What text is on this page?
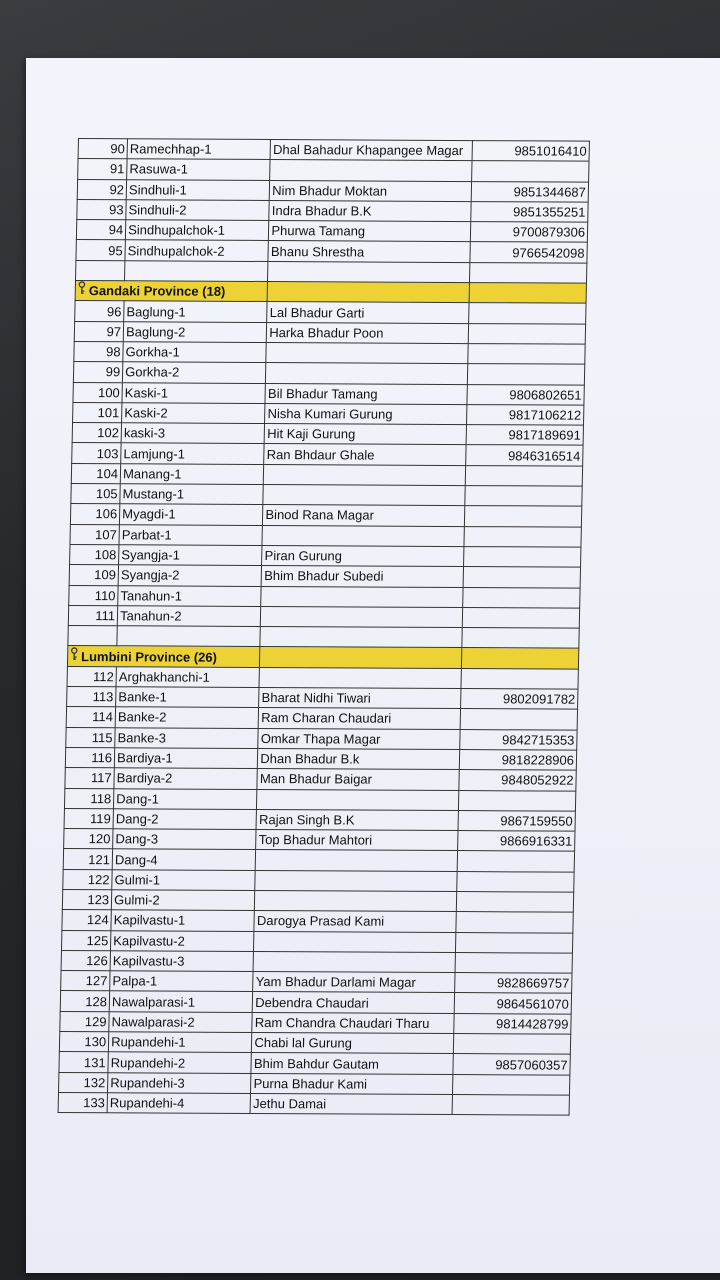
90	Ramechhap-1	Dhal Bahadur Khapangee Magar	9851016410
91	Rasuwa-1		
92	Sindhuli-1	Nim Bhadur Moktan	9851344687
93	Sindhuli-2	Indra Bhadur B.K	9851355251
94	Sindhupalchok-1	Phurwa Tamang	9700879306
95	Sindhupalchok-2	Bhanu Shrestha	9766542098

Gandaki Province (18)			
96	Baglung-1	Lal Bhadur Garti	
97	Baglung-2	Harka Bhadur Poon	
98	Gorkha-1		
99	Gorkha-2		
100	Kaski-1	Bil Bhadur Tamang	9806802651
101	Kaski-2	Nisha Kumari Gurung	9817106212
102	kaski-3	Hit Kaji Gurung	9817189691
103	Lamjung-1	Ran Bhdaur Ghale	9846316514
104	Manang-1		
105	Mustang-1		
106	Myagdi-1	Binod Rana Magar	
107	Parbat-1		
108	Syangja-1	Piran Gurung	
109	Syangja-2	Bhim Bhadur Subedi	
110	Tanahun-1		
111	Tanahun-2		

Lumbini Province (26)			
112	Arghakhanchi-1		
113	Banke-1	Bharat Nidhi Tiwari	9802091782
114	Banke-2	Ram Charan Chaudari	
115	Banke-3	Omkar Thapa Magar	9842715353
116	Bardiya-1	Dhan Bhadur B.k	9818228906
117	Bardiya-2	Man Bhadur Baigar	9848052922
118	Dang-1		
119	Dang-2	Rajan Singh B.K	9867159550
120	Dang-3	Top Bhadur Mahtori	9866916331
121	Dang-4		
122	Gulmi-1		
123	Gulmi-2		
124	Kapilvastu-1	Darogya Prasad Kami	
125	Kapilvastu-2		
126	Kapilvastu-3		
127	Palpa-1	Yam Bhadur Darlami Magar	9828669757
128	Nawalparasi-1	Debendra Chaudari	9864561070
129	Nawalparasi-2	Ram Chandra Chaudari Tharu	9814428799
130	Rupandehi-1	Chabi lal Gurung	
131	Rupandehi-2	Bhim Bahdur Gautam	9857060357
132	Rupandehi-3	Purna Bhadur Kami	
133	Rupandehi-4	Jethu Damai	
